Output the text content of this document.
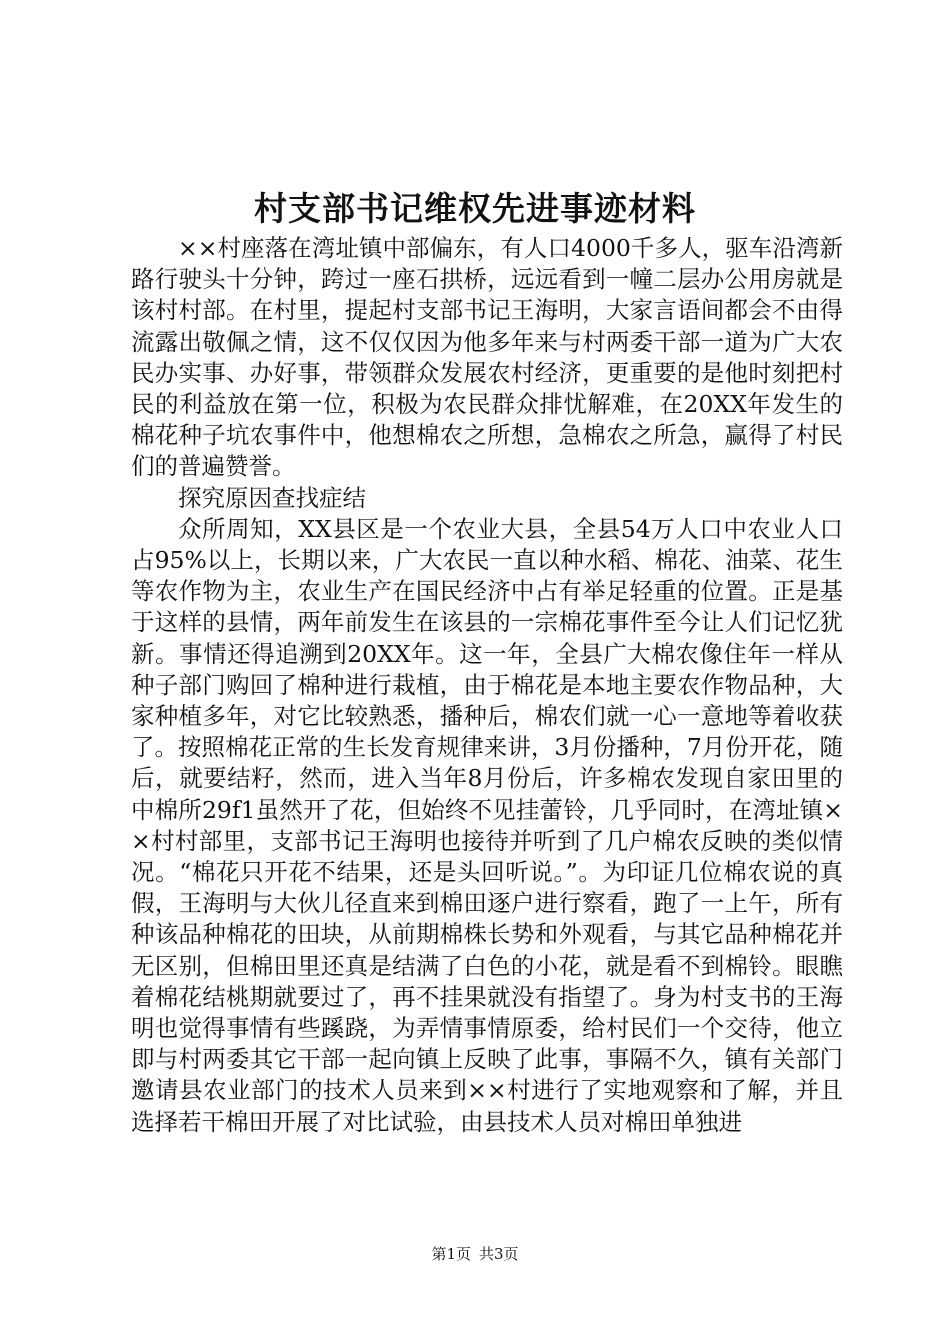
村支部书记维权先进事迹材料

××村座落在湾址镇中部偏东，有人口4000千多人，驱车沿湾新路行驶头十分钟，跨过一座石拱桥，远远看到一幢二层办公用房就是该村村部。在村里，提起村支部书记王海明，大家言语间都会不由得流露出敬佩之情，这不仅仅因为他多年来与村两委干部一道为广大农民办实事、办好事，带领群众发展农村经济，更重要的是他时刻把村民的利益放在第一位，积极为农民群众排忧解难，在20XX年发生的棉花种子坑农事件中，他想棉农之所想，急棉农之所急，赢得了村民们的普遍赞誉。

探究原因查找症结

众所周知，XX县区是一个农业大县，全县54万人口中农业人口占95%以上，长期以来，广大农民一直以种水稻、棉花、油菜、花生等农作物为主，农业生产在国民经济中占有举足轻重的位置。正是基于这样的县情，两年前发生在该县的一宗棉花事件至今让人们记忆犹新。事情还得追溯到20XX年。这一年，全县广大棉农像住年一样从种子部门购回了棉种进行栽植，由于棉花是本地主要农作物品种，大家种植多年，对它比较熟悉，播种后，棉农们就一心一意地等着收获了。按照棉花正常的生长发育规律来讲，3月份播种，7月份开花，随后，就要结籽，然而，进入当年8月份后，许多棉农发现自家田里的中棉所29f1虽然开了花，但始终不见挂蕾铃，几乎同时，在湾址镇××村村部里，支部书记王海明也接待并听到了几户棉农反映的类似情况。“棉花只开花不结果，还是头回听说。”。为印证几位棉农说的真假，王海明与大伙儿径直来到棉田逐户进行察看，跑了一上午，所有种该品种棉花的田块，从前期棉株长势和外观看，与其它品种棉花并无区别，但棉田里还真是结满了白色的小花，就是看不到棉铃。眼瞧着棉花结桃期就要过了，再不挂果就没有指望了。身为村支书的王海明也觉得事情有些蹊跷，为弄情事情原委，给村民们一个交待，他立即与村两委其它干部一起向镇上反映了此事，事隔不久，镇有关部门邀请县农业部门的技术人员来到××村进行了实地观察和了解，并且选择若干棉田开展了对比试验，由县技术人员对棉田单独进

第1页 共3页
